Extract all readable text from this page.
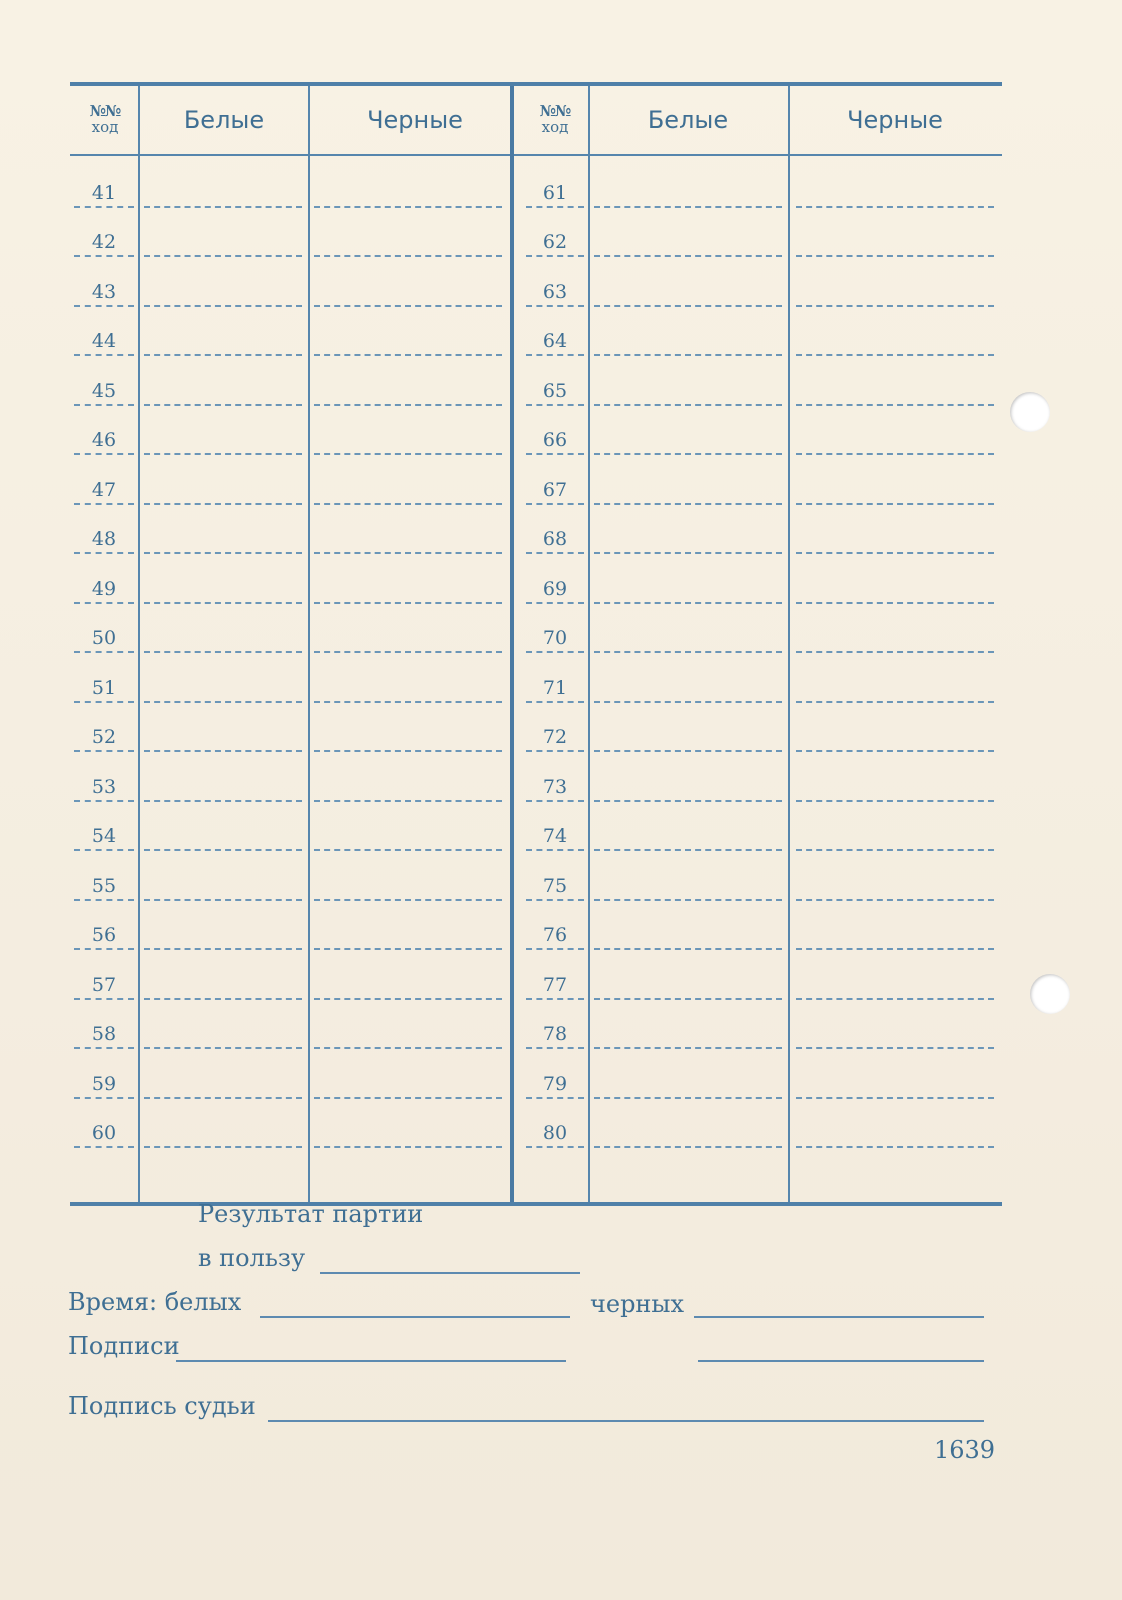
№№
ход	Белые	Черные
41
42
43
44
45
46
47
48
49
50
51
52
53
54
55
56
57
58
59
60
№№
ход	Белые	Черные
61
62
63
64
65
66
67
68
69
70
71
72
73
74
75
76
77
78
79
80
Результат партии
в пользу
Время: белых	черных
Подписи
Подпись судьи
1639
